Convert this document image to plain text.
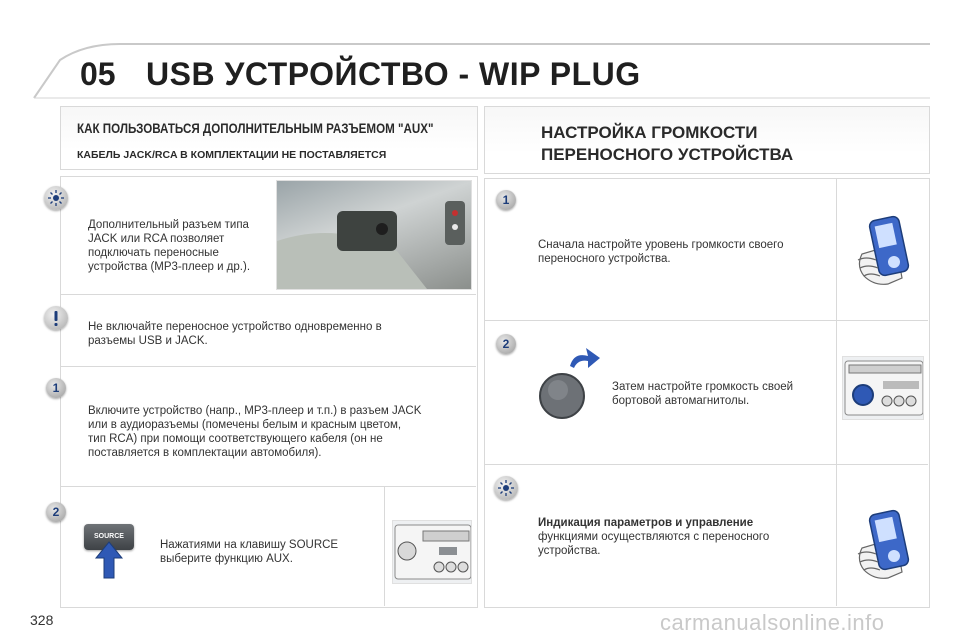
05 USB УСТРОЙСТВО - WIP PLUG
КАК ПОЛЬЗОВАТЬСЯ ДОПОЛНИТЕЛЬНЫМ РАЗЪЕМОМ "AUX"
КАБЕЛЬ JACK/RCA В КОМПЛЕКТАЦИИ НЕ ПОСТАВЛЯЕТСЯ
Дополнительный разъем типа
JACK или RCA позволяет
подключать переносные
устройства (МР3-плеер и др.).
Не включайте переносное устройство одновременно в
разъемы USB и JACK.
1
Включите устройство (напр., МР3-плеер и т.п.) в разъем JACK
или в аудиоразъемы (помечены белым и красным цветом,
тип RCA) при помощи соответствующего кабеля (он не
поставляется в комплектации автомобиля).
2
SOURCE
Нажатиями на клавишу SOURCE
выберите функцию AUX.
НАСТРОЙКА ГРОМКОСТИ
ПЕРЕНОСНОГО УСТРОЙСТВА
1
Сначала настройте уровень громкости своего
переносного устройства.
2
Затем настройте громкость своей
бортовой автомагнитолы.
Индикация параметров и управление
функциями осуществляются с переносного
устройства.
328	carmanualsonline.info
